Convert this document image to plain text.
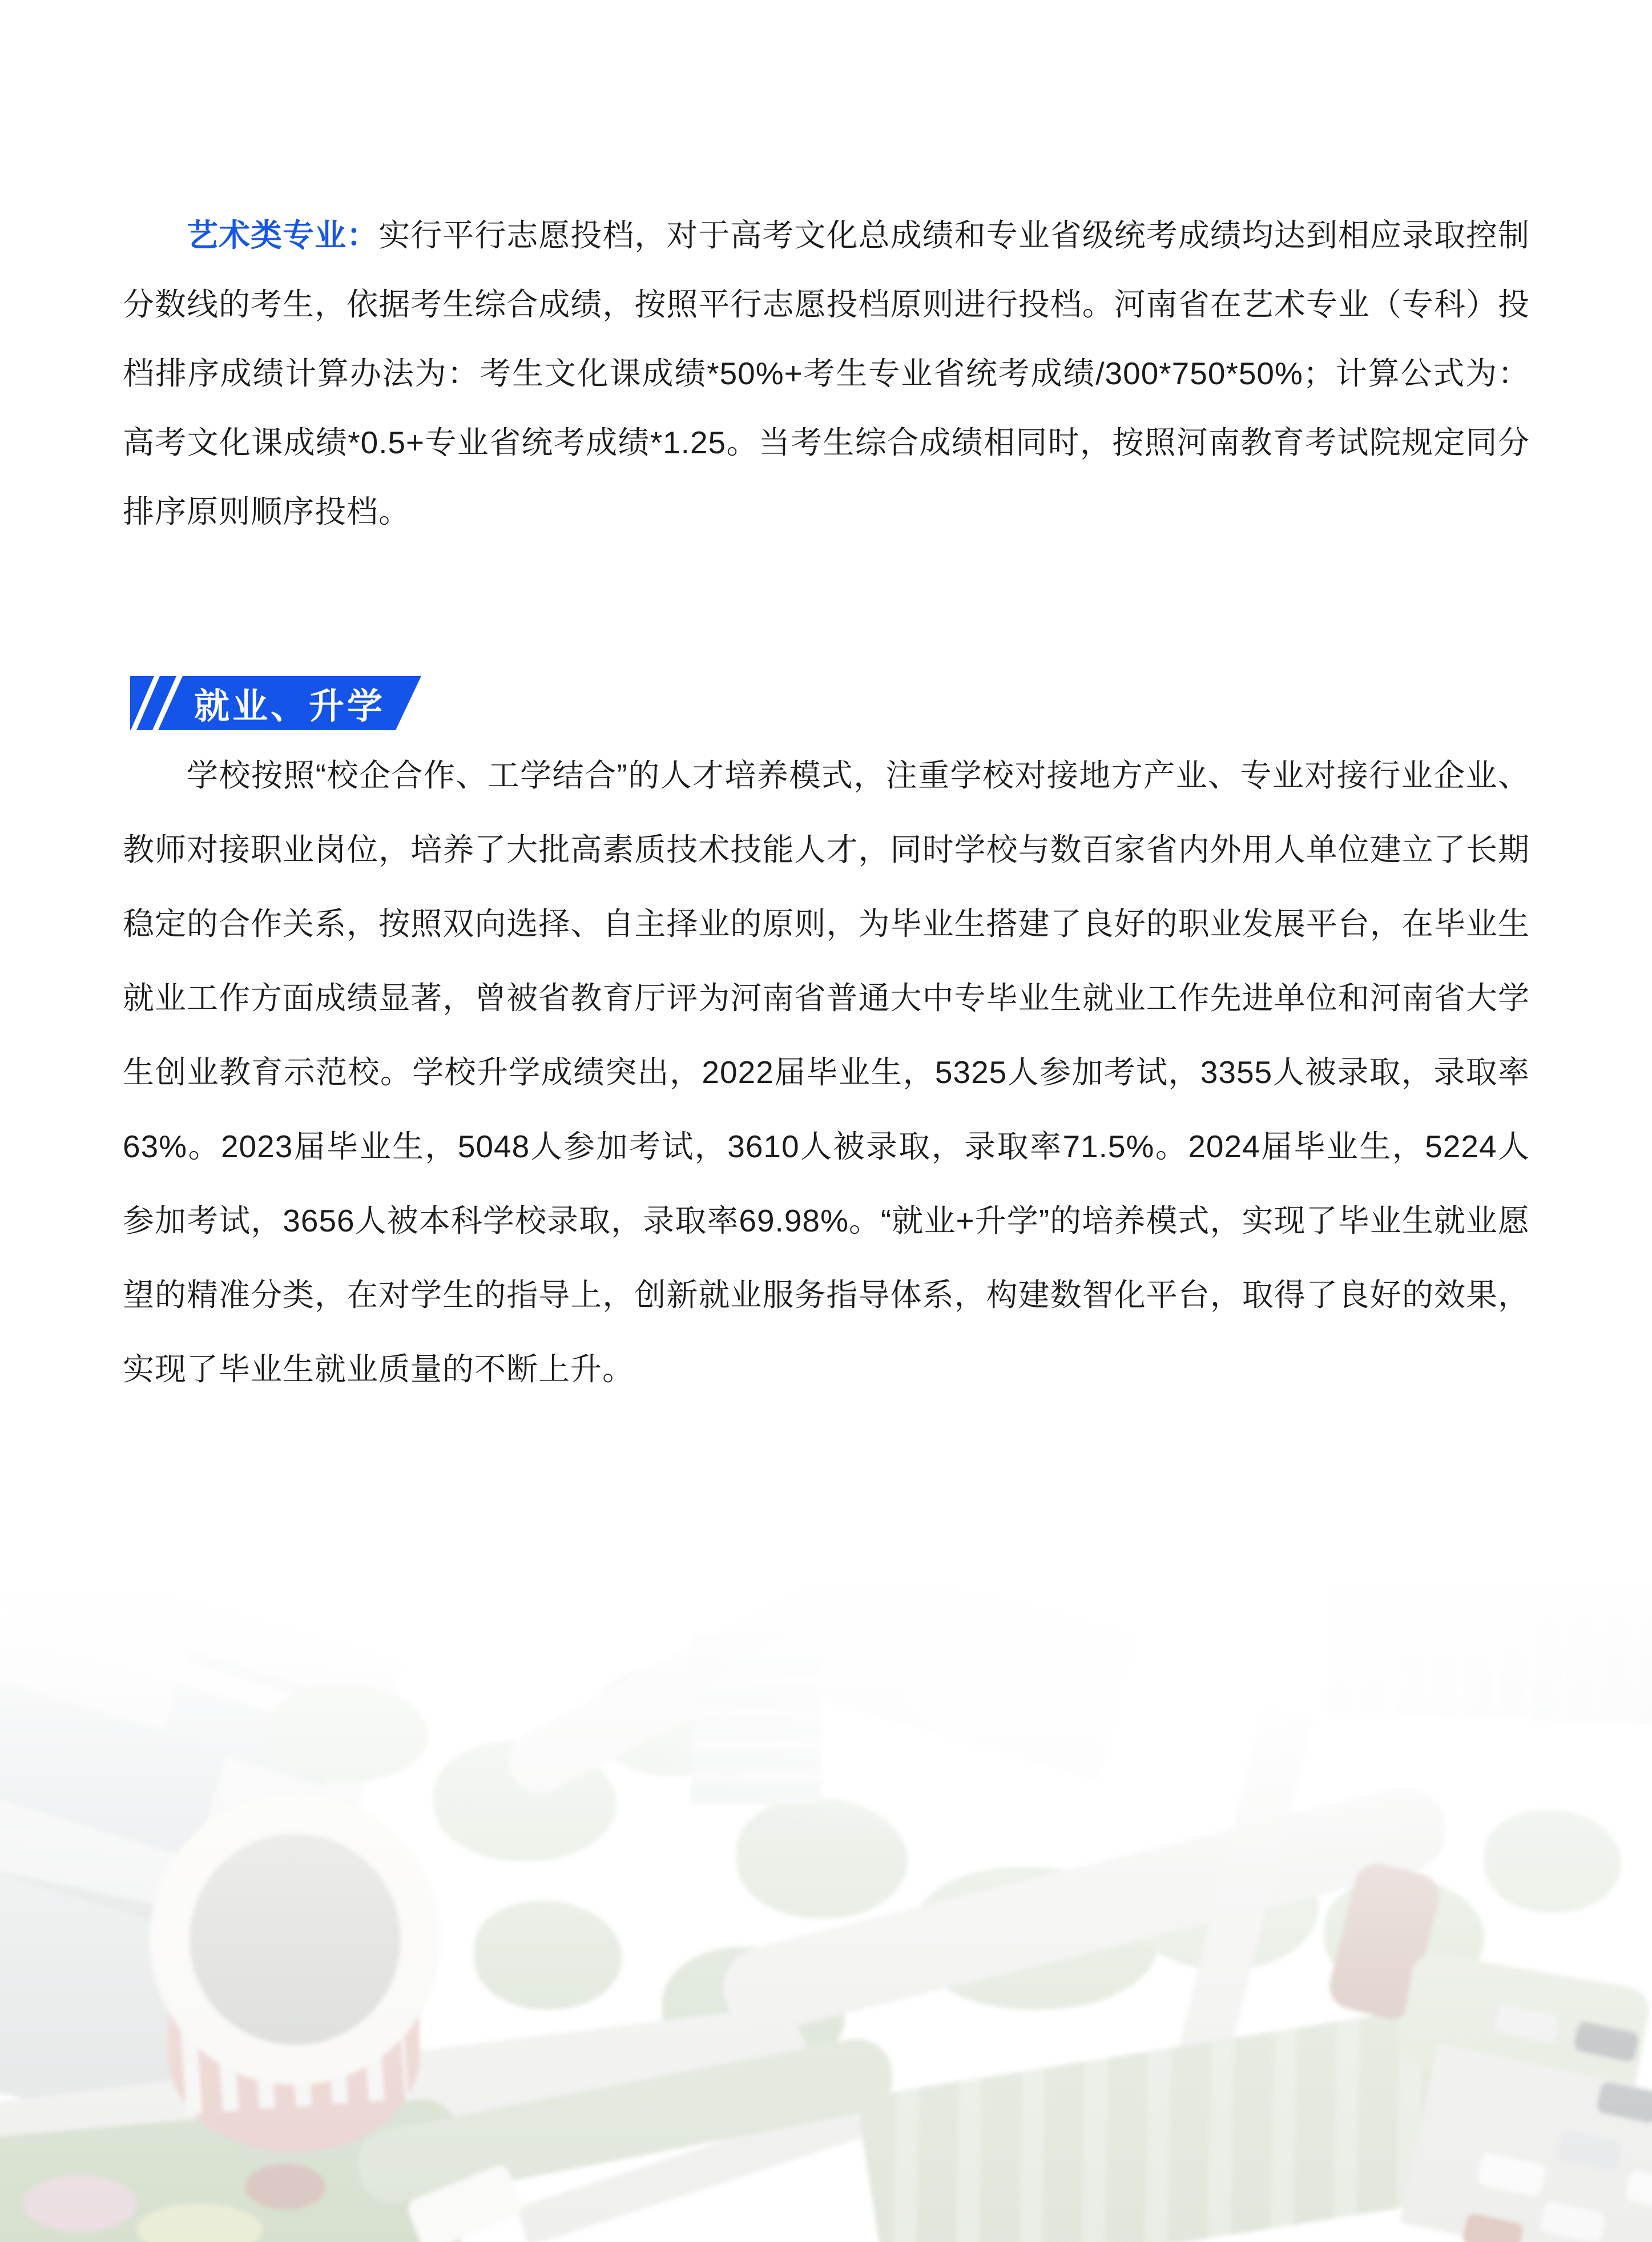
艺术类专业：实行平行志愿投档，对于高考文化总成绩和专业省级统考成绩均达到相应录取控制分数线的考生，依据考生综合成绩，按照平行志愿投档原则进行投档。河南省在艺术专业（专科）投档排序成绩计算办法为：考生文化课成绩*50%+考生专业省统考成绩/300*750*50%；计算公式为：高考文化课成绩*0.5+专业省统考成绩*1.25。当考生综合成绩相同时，按照河南教育考试院规定同分排序原则顺序投档。

就业、升学

学校按照“校企合作、工学结合”的人才培养模式，注重学校对接地方产业、专业对接行业企业、教师对接职业岗位，培养了大批高素质技术技能人才，同时学校与数百家省内外用人单位建立了长期稳定的合作关系，按照双向选择、自主择业的原则，为毕业生搭建了良好的职业发展平台，在毕业生就业工作方面成绩显著，曾被省教育厅评为河南省普通大中专毕业生就业工作先进单位和河南省大学生创业教育示范校。学校升学成绩突出，2022届毕业生，5325人参加考试，3355人被录取，录取率63%。2023届毕业生，5048人参加考试，3610人被录取，录取率71.5%。2024届毕业生，5224人参加考试，3656人被本科学校录取，录取率69.98%。“就业+升学”的培养模式，实现了毕业生就业愿望的精准分类，在对学生的指导上，创新就业服务指导体系，构建数智化平台，取得了良好的效果，实现了毕业生就业质量的不断上升。
